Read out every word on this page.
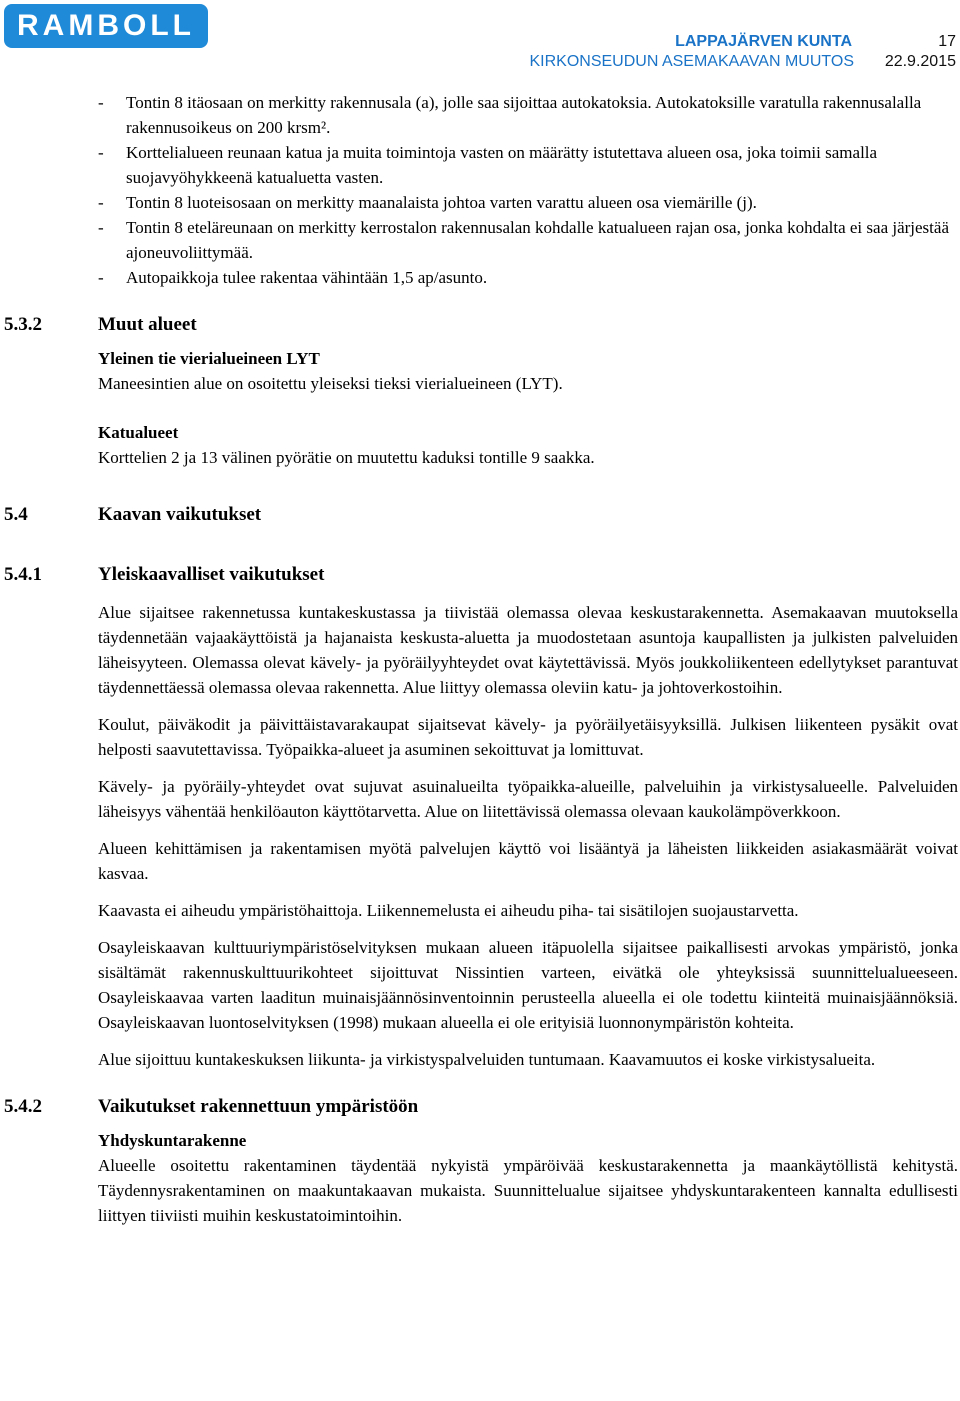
RAMBOLL	LAPPAJÄRVEN KUNTA	17
KIRKONSEUDUN ASEMAKAAVAN MUUTOS 22.9.2015
- Tontin 8 itäosaan on merkitty rakennusala (a), jolle saa sijoittaa autokatoksia. Autokatoksille varatulla rakennusalalla rakennusoikeus on 200 krsm².
- Korttelialueen reunaan katua ja muita toimintoja vasten on määrätty istutettava alueen osa, joka toimii samalla suojavyöhykkeenä katualuetta vasten.
- Tontin 8 luoteisosaan on merkitty maanalaista johtoa varten varattu alueen osa viemärille (j).
- Tontin 8 eteläreunaan on merkitty kerrostalon rakennusalan kohdalle katualueen rajan osa, jonka kohdalta ei saa järjestää ajoneuvoliittymää.
- Autopaikkoja tulee rakentaa vähintään 1,5 ap/asunto.
5.3.2	Muut alueet
Yleinen tie vierialueineen LYT

Maneesintien alue on osoitettu yleiseksi tieksi vierialueineen (LYT).

Katualueet

Korttelien 2 ja 13 välinen pyörätie on muutettu kaduksi tontille 9 saakka.

5.4	Kaavan vaikutukset
5.4.1	Yleiskaavalliset vaikutukset

Alue sijaitsee rakennetussa kuntakeskustassa ja tiivistää olemassa olevaa keskustarakennetta. Asemakaavan muutoksella täydennetään vajaakäyttöistä ja hajanaista keskusta-aluetta ja muodostetaan asuntoja kaupallisten ja julkisten palveluiden läheisyyteen. Olemassa olevat kävely- ja pyöräilyyhteydet ovat käytettävissä. Myös joukkoliikenteen edellytykset parantuvat täydennettäessä olemassa olevaa rakennetta. Alue liittyy olemassa oleviin katu- ja johtoverkostoihin.

Koulut, päiväkodit ja päivittäistavarakaupat sijaitsevat kävely- ja pyöräilyetäisyyksillä. Julkisen liikenteen pysäkit ovat helposti saavutettavissa. Työpaikka-alueet ja asuminen sekoittuvat ja lomittuvat.

Kävely- ja pyöräily-yhteydet ovat sujuvat asuinalueilta työpaikka-alueille, palveluihin ja virkistysalueelle. Palveluiden läheisyys vähentää henkilöauton käyttötarvetta. Alue on liitettävissä olemassa olevaan kaukolämpöverkkoon.

Alueen kehittämisen ja rakentamisen myötä palvelujen käyttö voi lisääntyä ja läheisten liikkeiden asiakasmäärät voivat kasvaa.

Kaavasta ei aiheudu ympäristöhaittoja. Liikennemelusta ei aiheudu piha- tai sisätilojen suojaustarvetta.

Osayleiskaavan kulttuuriympäristöselvityksen mukaan alueen itäpuolella sijaitsee paikallisesti arvokas ympäristö, jonka sisältämät rakennuskulttuurikohteet sijoittuvat Nissintien varteen, eivätkä ole yhteyksissä suunnittelualueeseen. Osayleiskaavaa varten laaditun muinaisjäännösinventoinnin perusteella alueella ei ole todettu kiinteitä muinaisjäännöksiä. Osayleiskaavan luontoselvityksen (1998) mukaan alueella ei ole erityisiä luonnonympäristön kohteita.

Alue sijoittuu kuntakeskuksen liikunta- ja virkistyspalveluiden tuntumaan. Kaavamuutos ei koske virkistysalueita.

5.4.2	Vaikutukset rakennettuun ympäristöön
Yhdyskuntarakenne

Alueelle osoitettu rakentaminen täydentää nykyistä ympäröivää keskustarakennetta ja maankäytöllistä kehitystä. Täydennysrakentaminen on maakuntakaavan mukaista. Suunnittelualue sijaitsee yhdyskuntarakenteen kannalta edullisesti liittyen tiiviisti muihin keskustatoimintoihin.
